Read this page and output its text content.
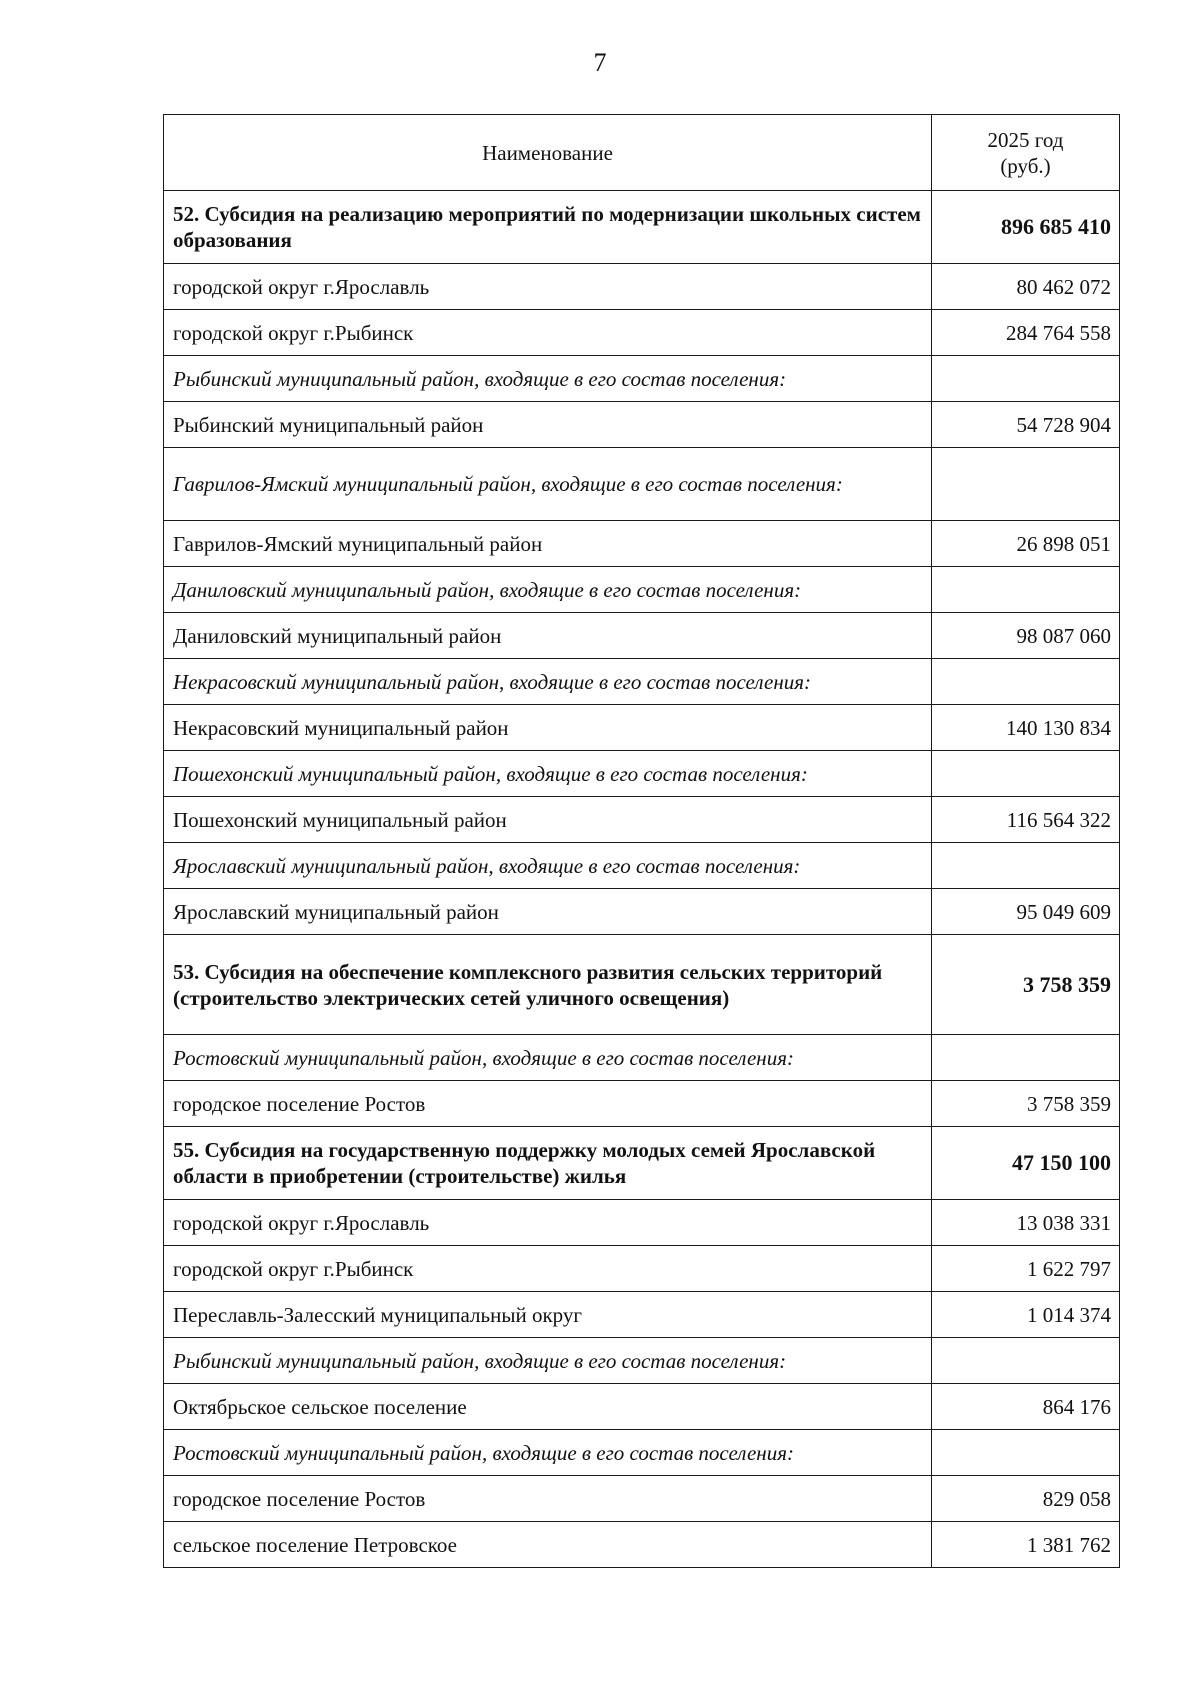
7
Наименование	2025 год
(руб.)
52. Субсидия на реализацию мероприятий по модернизации школьных систем образования	896 685 410
городской округ г.Ярославль	80 462 072
городской округ г.Рыбинск	284 764 558
Рыбинский муниципальный район, входящие в его состав поселения:	
Рыбинский муниципальный район	54 728 904
Гаврилов-Ямский муниципальный район, входящие в его состав поселения:	
Гаврилов-Ямский муниципальный район	26 898 051
Даниловский муниципальный район, входящие в его состав поселения:	
Даниловский муниципальный район	98 087 060
Некрасовский муниципальный район, входящие в его состав поселения:	
Некрасовский муниципальный район	140 130 834
Пошехонский муниципальный район, входящие в его состав поселения:	
Пошехонский муниципальный район	116 564 322
Ярославский муниципальный район, входящие в его состав поселения:	
Ярославский муниципальный район	95 049 609
53. Субсидия на обеспечение комплексного развития сельских территорий (строительство электрических сетей уличного освещения)	3 758 359
Ростовский муниципальный район, входящие в его состав поселения:	
городское поселение Ростов	3 758 359
55. Субсидия на государственную поддержку молодых семей Ярославской области в приобретении (строительстве) жилья	47 150 100
городской округ г.Ярославль	13 038 331
городской округ г.Рыбинск	1 622 797
Переславль-Залесский муниципальный округ	1 014 374
Рыбинский муниципальный район, входящие в его состав поселения:	
Октябрьское сельское поселение	864 176
Ростовский муниципальный район, входящие в его состав поселения:	
городское поселение Ростов	829 058
сельское поселение Петровское	1 381 762
